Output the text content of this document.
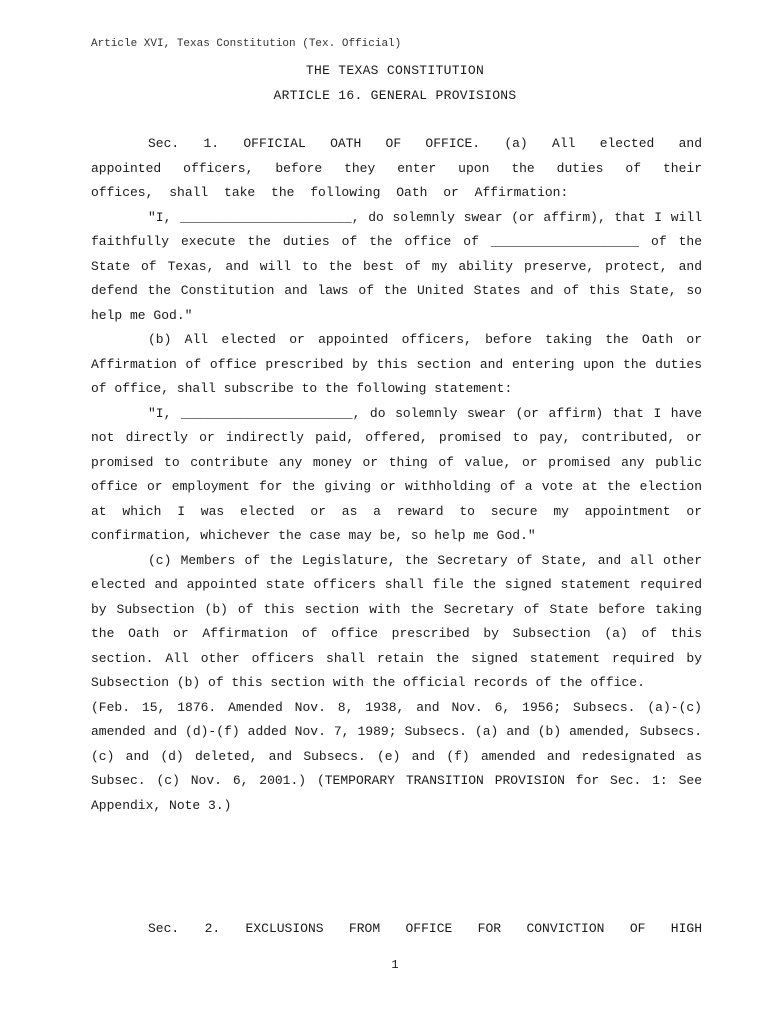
Article XVI, Texas Constitution (Tex. Official)
THE TEXAS CONSTITUTION
ARTICLE 16. GENERAL PROVISIONS

Sec. 1. OFFICIAL OATH OF OFFICE. (a) All elected and appointed officers, before they enter upon the duties of their offices, shall take the following Oath or Affirmation:

"I, ______________________, do solemnly swear (or affirm), that I will faithfully execute the duties of the office of ___________________ of the State of Texas, and will to the best of my ability preserve, protect, and defend the Constitution and laws of the United States and of this State, so help me God."

(b) All elected or appointed officers, before taking the Oath or Affirmation of office prescribed by this section and entering upon the duties of office, shall subscribe to the following statement:

"I, ______________________, do solemnly swear (or affirm) that I have not directly or indirectly paid, offered, promised to pay, contributed, or promised to contribute any money or thing of value, or promised any public office or employment for the giving or withholding of a vote at the election at which I was elected or as a reward to secure my appointment or confirmation, whichever the case may be, so help me God."

(c) Members of the Legislature, the Secretary of State, and all other elected and appointed state officers shall file the signed statement required by Subsection (b) of this section with the Secretary of State before taking the Oath or Affirmation of office prescribed by Subsection (a) of this section. All other officers shall retain the signed statement required by Subsection (b) of this section with the official records of the office.

(Feb. 15, 1876. Amended Nov. 8, 1938, and Nov. 6, 1956; Subsecs. (a)-(c) amended and (d)-(f) added Nov. 7, 1989; Subsecs. (a) and (b) amended, Subsecs. (c) and (d) deleted, and Subsecs. (e) and (f) amended and redesignated as Subsec. (c) Nov. 6, 2001.) (TEMPORARY TRANSITION PROVISION for Sec. 1: See Appendix, Note 3.)

Sec. 2. EXCLUSIONS FROM OFFICE FOR CONVICTION OF HIGH

1
